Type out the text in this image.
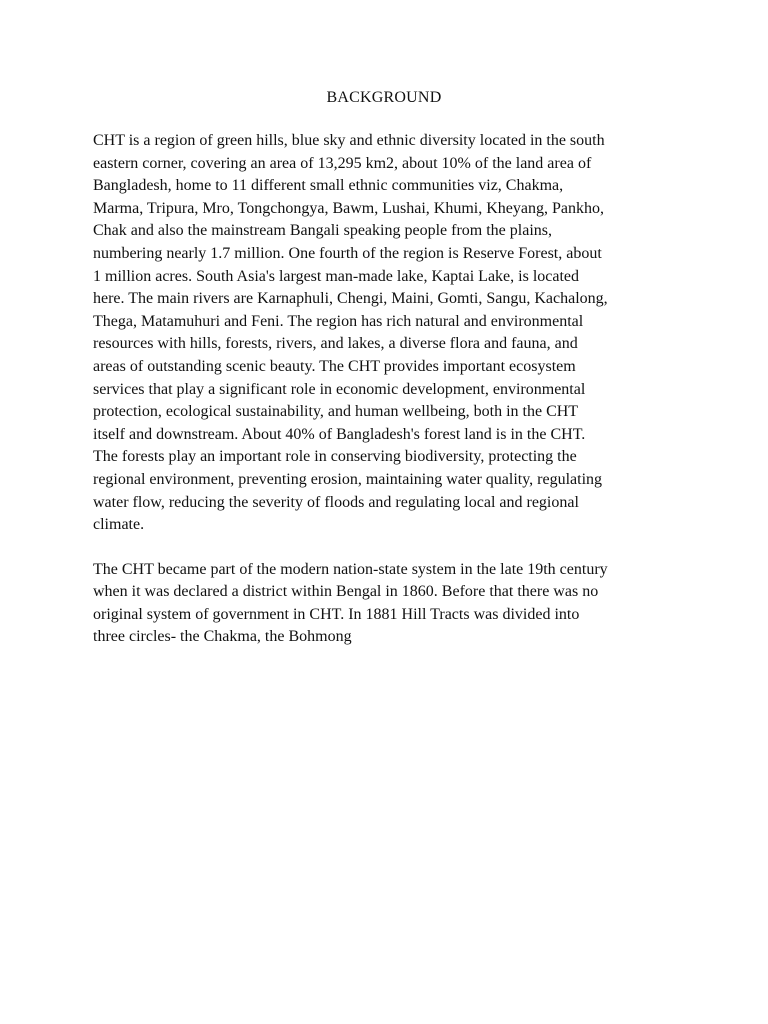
BACKGROUND

CHT is a region of green hills, blue sky and ethnic diversity located in the south
eastern corner, covering an area of 13,295 km2, about 10% of the land area of
Bangladesh, home to 11 different small ethnic communities viz, Chakma,
Marma, Tripura, Mro, Tongchongya, Bawm, Lushai, Khumi, Kheyang, Pankho,
Chak and also the mainstream Bangali speaking people from the plains,
numbering nearly 1.7 million. One fourth of the region is Reserve Forest, about
1 million acres. South Asia's largest man-made lake, Kaptai Lake, is located
here. The main rivers are Karnaphuli, Chengi, Maini, Gomti, Sangu, Kachalong,
Thega, Matamuhuri and Feni. The region has rich natural and environmental
resources with hills, forests, rivers, and lakes, a diverse flora and fauna, and
areas of outstanding scenic beauty. The CHT provides important ecosystem
services that play a significant role in economic development, environmental
protection, ecological sustainability, and human wellbeing, both in the CHT
itself and downstream. About 40% of Bangladesh's forest land is in the CHT.
The forests play an important role in conserving biodiversity, protecting the
regional environment, preventing erosion, maintaining water quality, regulating
water flow, reducing the severity of floods and regulating local and regional
climate.

The CHT became part of the modern nation-state system in the late 19th century
when it was declared a district within Bengal in 1860. Before that there was no
original system of government in CHT. In 1881 Hill Tracts was divided into
three circles- the Chakma, the Bohmong
